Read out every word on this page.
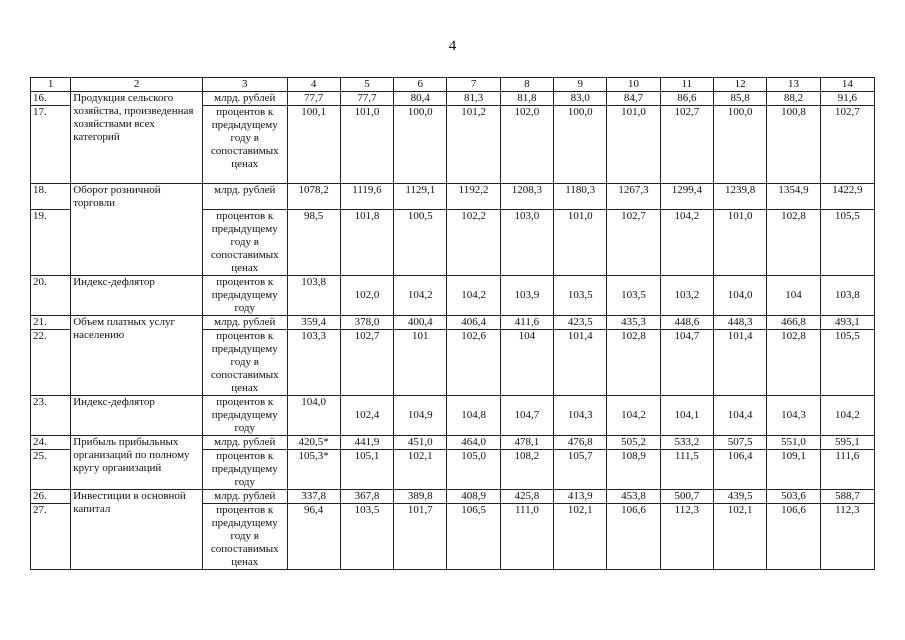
4
1	2	3	4	5	6	7	8	9	10	11	12	13	14
16.	Продукция сельского хозяйства, произведенная хозяйствами всех категорий	млрд. рублей	77,7	77,7	80,4	81,3	81,8	83,0	84,7	86,6	85,8	88,2	91,6
17.		процентов к предыдущему году в сопоставимых ценах	100,1	101,0	100,0	101,2	102,0	100,0	101,0	102,7	100,0	100,8	102,7
18.	Оборот розничной торговли	млрд. рублей	1078,2	1119,6	1129,1	1192,2	1208,3	1180,3	1267,3	1299,4	1239,8	1354,9	1422,9
19.		процентов к предыдущему году в сопоставимых ценах	98,5	101,8	100,5	102,2	103,0	101,0	102,7	104,2	101,0	102,8	105,5
20.	Индекс-дефлятор	процентов к предыдущему году	103,8	102,0	104,2	104,2	103,9	103,5	103,5	103,2	104,0	104	103,8
21.	Объем платных услуг населению	млрд. рублей	359,4	378,0	400,4	406,4	411,6	423,5	435,3	448,6	448,3	466,8	493,1
22.		процентов к предыдущему году в сопоставимых ценах	103,3	102,7	101	102,6	104	101,4	102,8	104,7	101,4	102,8	105,5
23.	Индекс-дефлятор	процентов к предыдущему году	104,0	102,4	104,9	104,8	104,7	104,3	104,2	104,1	104,4	104,3	104,2
24.	Прибыль прибыльных организаций по полному кругу организаций	млрд. рублей	420,5*	441,9	451,0	464,0	478,1	476,8	505,2	533,2	507,5	551,0	595,1
25.		процентов к предыдущему году	105,3*	105,1	102,1	105,0	108,2	105,7	108,9	111,5	106,4	109,1	111,6
26.	Инвестиции в основной капитал	млрд. рублей	337,8	367,8	389,8	408,9	425,8	413,9	453,8	500,7	439,5	503,6	588,7
27.		процентов к предыдущему году в сопоставимых ценах	96,4	103,5	101,7	106,5	111,0	102,1	106,6	112,3	102,1	106,6	112,3
